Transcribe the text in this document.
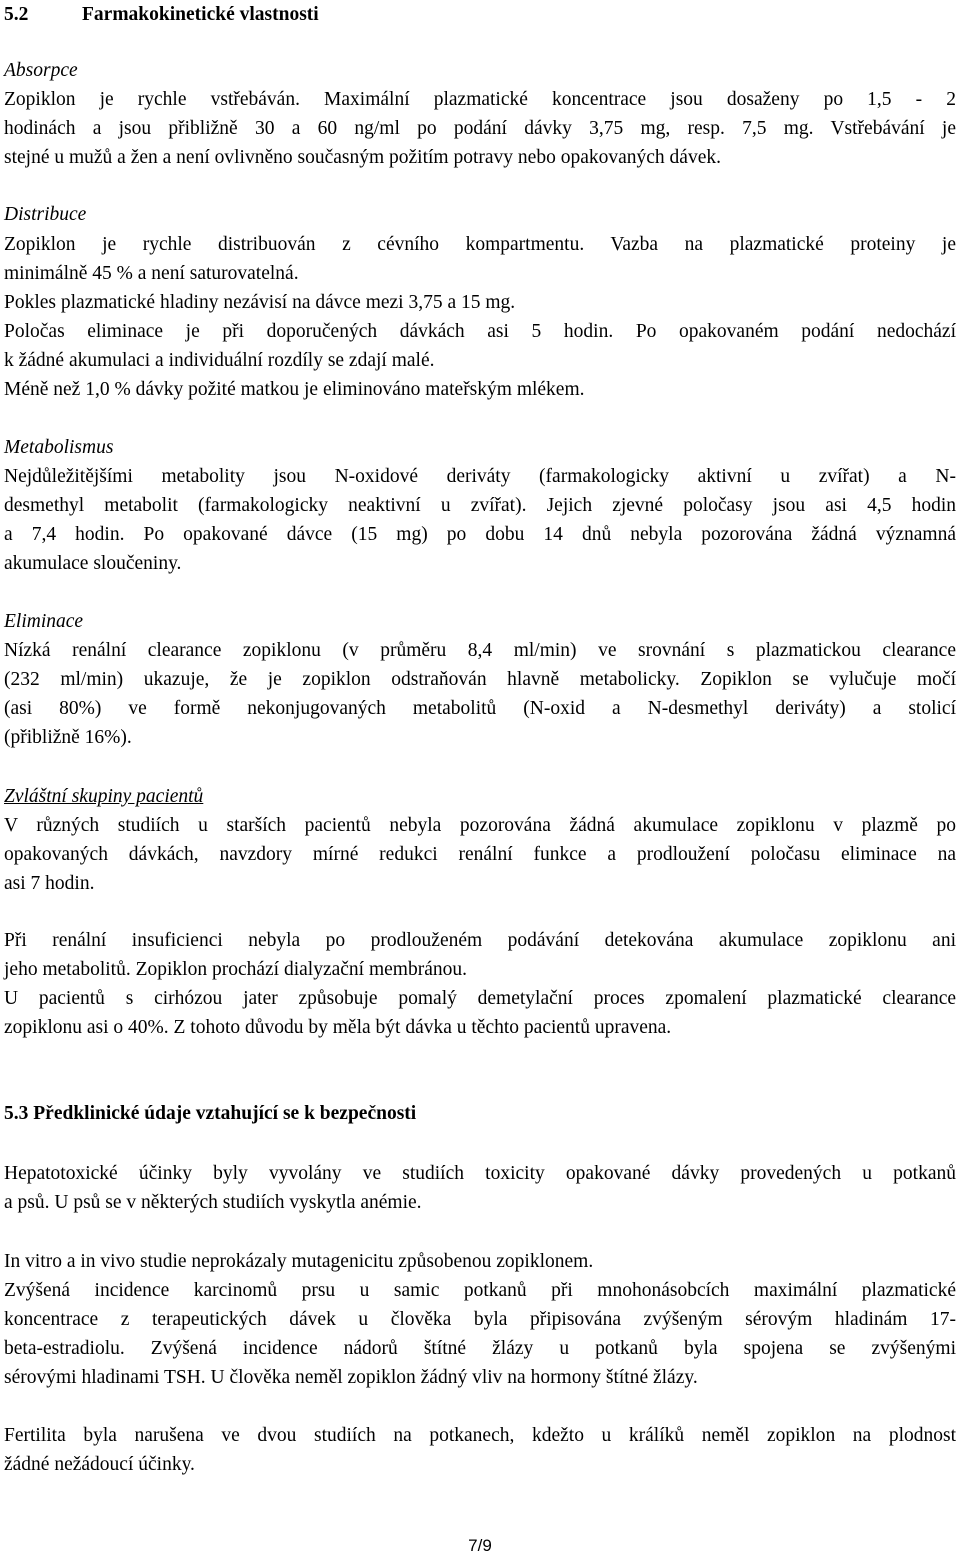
5.2	Farmakokinetické vlastnosti
Absorpce
Zopiklon je rychle vstřebáván. Maximální plazmatické koncentrace jsou dosaženy po 1,5 - 2
hodinách a jsou přibližně 30 a 60 ng/ml po podání dávky 3,75 mg, resp. 7,5 mg. Vstřebávání je
stejné u mužů a žen a není ovlivněno současným požitím potravy nebo opakovaných dávek.
Distribuce
Zopiklon je rychle distribuován z cévního kompartmentu. Vazba na plazmatické proteiny je
minimálně 45 % a není saturovatelná.
Pokles plazmatické hladiny nezávisí na dávce mezi 3,75 a 15 mg.
Poločas eliminace je při doporučených dávkách asi 5 hodin. Po opakovaném podání nedochází
k žádné akumulaci a individuální rozdíly se zdají malé.
Méně než 1,0 % dávky požité matkou je eliminováno mateřským mlékem.
Metabolismus
Nejdůležitějšími metabolity jsou N-oxidové deriváty (farmakologicky aktivní u zvířat) a N-
desmethyl metabolit (farmakologicky neaktivní u zvířat). Jejich zjevné poločasy jsou asi 4,5 hodin
a 7,4 hodin. Po opakované dávce (15 mg) po dobu 14 dnů nebyla pozorována žádná významná
akumulace sloučeniny.
Eliminace
Nízká renální clearance zopiklonu (v průměru 8,4 ml/min) ve srovnání s plazmatickou clearance
(232 ml/min) ukazuje, že je zopiklon odstraňován hlavně metabolicky. Zopiklon se vylučuje močí
(asi 80%) ve formě nekonjugovaných metabolitů (N-oxid a N-desmethyl deriváty) a stolicí
(přibližně 16%).
Zvláštní skupiny pacientů
V různých studiích u starších pacientů nebyla pozorována žádná akumulace zopiklonu v plazmě po
opakovaných dávkách, navzdory mírné redukci renální funkce a prodloužení poločasu eliminace na
asi 7 hodin.
Při renální insuficienci nebyla po prodlouženém podávání detekována akumulace zopiklonu ani
jeho metabolitů. Zopiklon prochází dialyzační membránou.
U pacientů s cirhózou jater způsobuje pomalý demetylační proces zpomalení plazmatické clearance
zopiklonu asi o 40%. Z tohoto důvodu by měla být dávka u těchto pacientů upravena.
5.3 Předklinické údaje vztahující se k bezpečnosti
Hepatotoxické účinky byly vyvolány ve studiích toxicity opakované dávky provedených u potkanů
a psů. U psů se v některých studiích vyskytla anémie.
In vitro a in vivo studie neprokázaly mutagenicitu způsobenou zopiklonem.
Zvýšená incidence karcinomů prsu u samic potkanů při mnohonásobcích maximální plazmatické
koncentrace z terapeutických dávek u člověka byla připisována zvýšeným sérovým hladinám 17-
beta-estradiolu. Zvýšená incidence nádorů štítné žlázy u potkanů byla spojena se zvýšenými
sérovými hladinami TSH. U člověka neměl zopiklon žádný vliv na hormony štítné žlázy.
Fertilita byla narušena ve dvou studiích na potkanech, kdežto u králíků neměl zopiklon na plodnost
žádné nežádoucí účinky.
7/9
